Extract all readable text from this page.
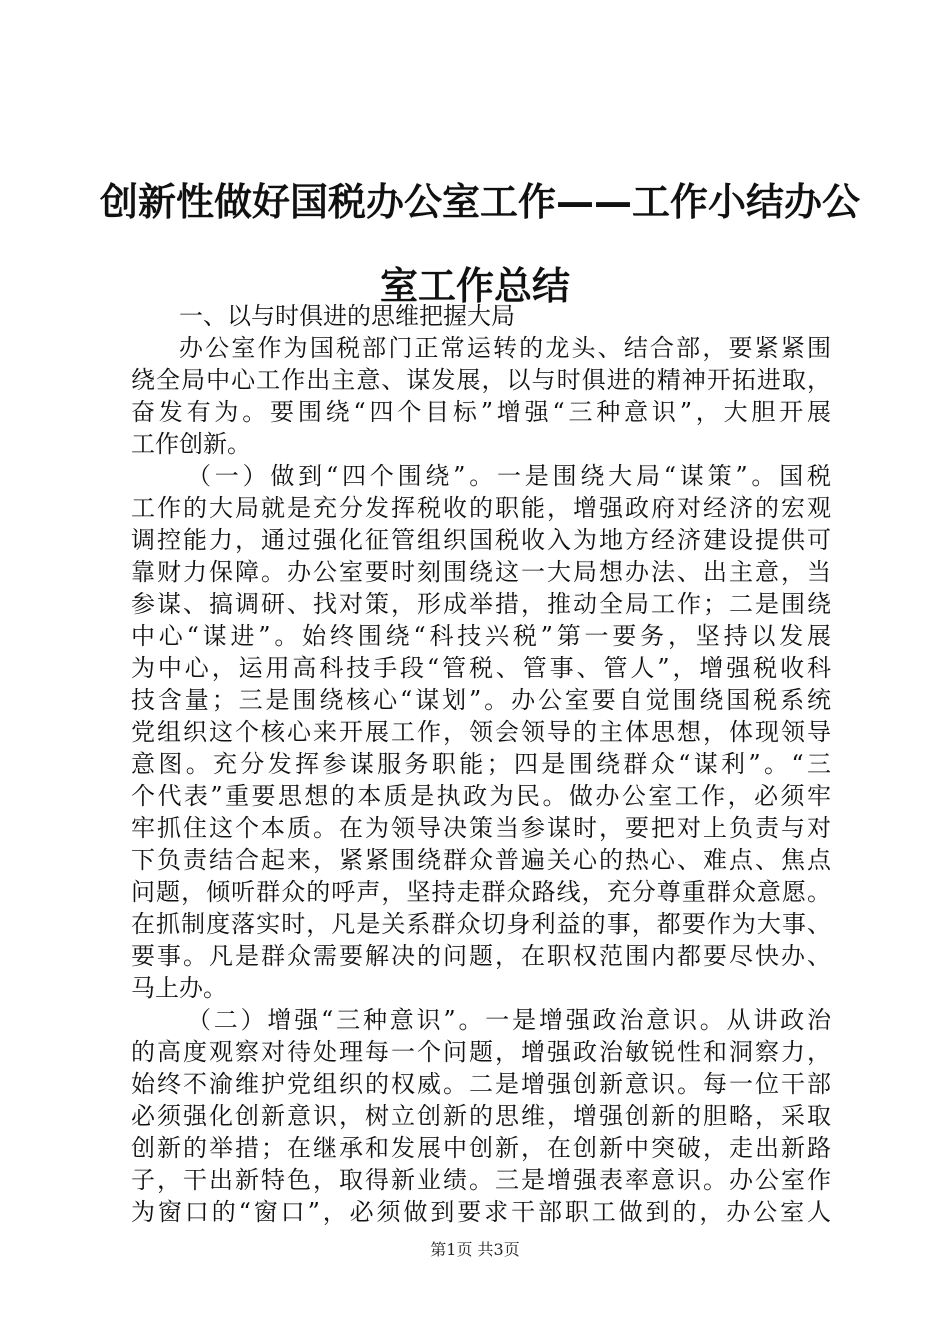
创新性做好国税办公室工作——工作小结办公
室工作总结
一、以与时俱进的思维把握大局
办公室作为国税部门正常运转的龙头、结合部，要紧紧围
绕全局中心工作出主意、谋发展，以与时俱进的精神开拓进取，
奋发有为。要围绕“四个目标”增强“三种意识”，大胆开展
工作创新。
（一）做到“四个围绕”。一是围绕大局“谋策”。国税
工作的大局就是充分发挥税收的职能，增强政府对经济的宏观
调控能力，通过强化征管组织国税收入为地方经济建设提供可
靠财力保障。办公室要时刻围绕这一大局想办法、出主意，当
参谋、搞调研、找对策，形成举措，推动全局工作；二是围绕
中心“谋进”。始终围绕“科技兴税”第一要务，坚持以发展
为中心，运用高科技手段“管税、管事、管人”，增强税收科
技含量；三是围绕核心“谋划”。办公室要自觉围绕国税系统
党组织这个核心来开展工作，领会领导的主体思想，体现领导
意图。充分发挥参谋服务职能；四是围绕群众“谋利”。“三
个代表”重要思想的本质是执政为民。做办公室工作，必须牢
牢抓住这个本质。在为领导决策当参谋时，要把对上负责与对
下负责结合起来，紧紧围绕群众普遍关心的热心、难点、焦点
问题，倾听群众的呼声，坚持走群众路线，充分尊重群众意愿。
在抓制度落实时，凡是关系群众切身利益的事，都要作为大事、
要事。凡是群众需要解决的问题，在职权范围内都要尽快办、
马上办。
（二）增强“三种意识”。一是增强政治意识。从讲政治
的高度观察对待处理每一个问题，增强政治敏锐性和洞察力，
始终不渝维护党组织的权威。二是增强创新意识。每一位干部
必须强化创新意识，树立创新的思维，增强创新的胆略，采取
创新的举措；在继承和发展中创新，在创新中突破，走出新路
子，干出新特色，取得新业绩。三是增强表率意识。办公室作
为窗口的“窗口”，必须做到要求干部职工做到的，办公室人
第1页 共3页
